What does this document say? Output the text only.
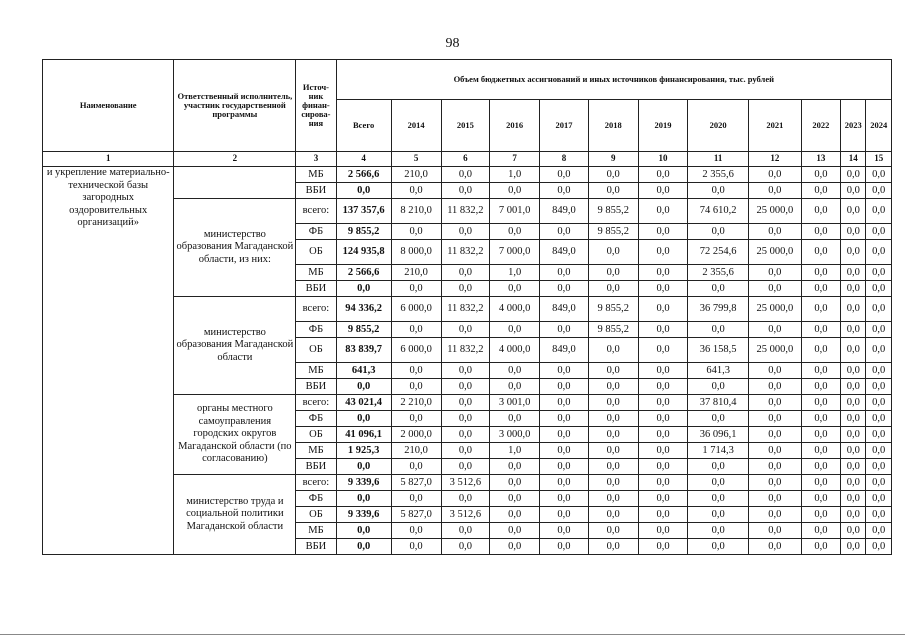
98
Наименование	Ответственный исполнитель, участник государственной программы	Источ-ник финан-сирова-ния	Объем бюджетных ассигнований и иных источников финансирования, тыс. рублей											
			Всего	2014	2015	2016	2017	2018	2019	2020	2021	2022	2023	2024
1	2	3	4	5	6	7	8	9	10	11	12	13	14	15
и укрепление материально-технической базы загородных оздоровительных организаций»		МБ	2 566,6	210,0	0,0	1,0	0,0	0,0	0,0	2 355,6	0,0	0,0	0,0	0,0
		ВБИ	0,0	0,0	0,0	0,0	0,0	0,0	0,0	0,0	0,0	0,0	0,0	0,0
	министерство образования Магаданской области, из них:	всего:	137 357,6	8 210,0	11 832,2	7 001,0	849,0	9 855,2	0,0	74 610,2	25 000,0	0,0	0,0	0,0
		ФБ	9 855,2	0,0	0,0	0,0	0,0	9 855,2	0,0	0,0	0,0	0,0	0,0	0,0
		ОБ	124 935,8	8 000,0	11 832,2	7 000,0	849,0	0,0	0,0	72 254,6	25 000,0	0,0	0,0	0,0
		МБ	2 566,6	210,0	0,0	1,0	0,0	0,0	0,0	2 355,6	0,0	0,0	0,0	0,0
		ВБИ	0,0	0,0	0,0	0,0	0,0	0,0	0,0	0,0	0,0	0,0	0,0	0,0
	министерство образования Магаданской области	всего:	94 336,2	6 000,0	11 832,2	4 000,0	849,0	9 855,2	0,0	36 799,8	25 000,0	0,0	0,0	0,0
		ФБ	9 855,2	0,0	0,0	0,0	0,0	9 855,2	0,0	0,0	0,0	0,0	0,0	0,0
		ОБ	83 839,7	6 000,0	11 832,2	4 000,0	849,0	0,0	0,0	36 158,5	25 000,0	0,0	0,0	0,0
		МБ	641,3	0,0	0,0	0,0	0,0	0,0	0,0	641,3	0,0	0,0	0,0	0,0
		ВБИ	0,0	0,0	0,0	0,0	0,0	0,0	0,0	0,0	0,0	0,0	0,0	0,0
	органы местного самоуправления городских округов Магаданской области (по согласованию)	всего:	43 021,4	2 210,0	0,0	3 001,0	0,0	0,0	0,0	37 810,4	0,0	0,0	0,0	0,0
		ФБ	0,0	0,0	0,0	0,0	0,0	0,0	0,0	0,0	0,0	0,0	0,0	0,0
		ОБ	41 096,1	2 000,0	0,0	3 000,0	0,0	0,0	0,0	36 096,1	0,0	0,0	0,0	0,0
		МБ	1 925,3	210,0	0,0	1,0	0,0	0,0	0,0	1 714,3	0,0	0,0	0,0	0,0
		ВБИ	0,0	0,0	0,0	0,0	0,0	0,0	0,0	0,0	0,0	0,0	0,0	0,0
	министерство труда и социальной политики Магаданской области	всего:	9 339,6	5 827,0	3 512,6	0,0	0,0	0,0	0,0	0,0	0,0	0,0	0,0	0,0
		ФБ	0,0	0,0	0,0	0,0	0,0	0,0	0,0	0,0	0,0	0,0	0,0	0,0
		ОБ	9 339,6	5 827,0	3 512,6	0,0	0,0	0,0	0,0	0,0	0,0	0,0	0,0	0,0
		МБ	0,0	0,0	0,0	0,0	0,0	0,0	0,0	0,0	0,0	0,0	0,0	0,0
		ВБИ	0,0	0,0	0,0	0,0	0,0	0,0	0,0	0,0	0,0	0,0	0,0	0,0
